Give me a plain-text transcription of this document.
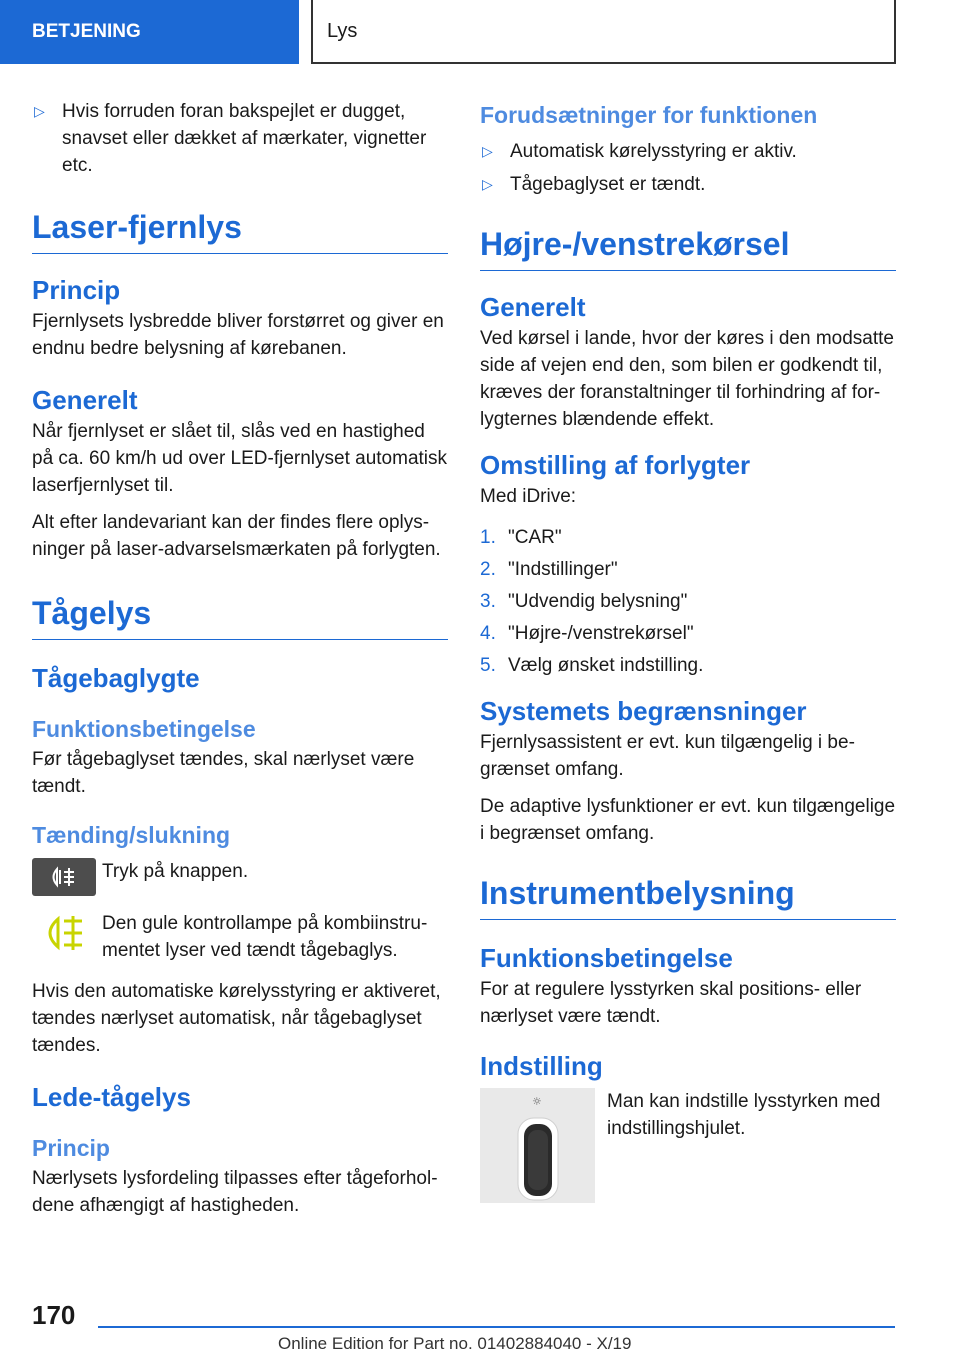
BETJENING	Lys
▷ Hvis forruden foran bakspejlet er dugget, snavset eller dækket af mærkater, vignetter etc.
Laser-fjernlys
Princip

Fjernlysets lysbredde bliver forstørret og giver en endnu bedre belysning af kørebanen.

Generelt

Når fjernlyset er slået til, slås ved en hastighed på ca. 60 km/h ud over LED-fjernlyset automatisk laserfjernlyset til.

Alt efter landevariant kan der findes flere oplysninger på laser-advarselsmærkaten på forlygten.

Tågelys
Tågebaglygte
Funktionsbetingelse

Før tågebaglyset tændes, skal nærlyset være tændt.

Tænding/slukning
Tryk på knappen.
Den gule kontrollampe på kombiinstrumentet lyser ved tændt tågebaglys.

Hvis den automatiske kørelysstyring er aktiveret, tændes nærlyset automatisk, når tågebaglyset tændes.

Lede-tågelys
Princip

Nærlysets lysfordeling tilpasses efter tågeforholdene afhængigt af hastigheden.

Forudsætninger for funktionen
▷ Automatisk kørelysstyring er aktiv.
▷ Tågebaglyset er tændt.
Højre-/venstrekørsel
Generelt

Ved kørsel i lande, hvor der køres i den modsatte side af vejen end den, som bilen er godkendt til, kræves der foranstaltninger til forhindring af forlygternes blændende effekt.

Omstilling af forlygter

Med iDrive:

1. "CAR"
2. "Indstillinger"
3. "Udvendig belysning"
4. "Højre-/venstrekørsel"
5. Vælg ønsket indstilling.
Systemets begrænsninger

Fjernlysassistent er evt. kun tilgængelig i begrænset omfang.

De adaptive lysfunktioner er evt. kun tilgængelige i begrænset omfang.

Instrumentbelysning
Funktionsbetingelse

For at regulere lysstyrken skal positions- eller nærlyset være tændt.

Indstilling
☼	Man kan indstille lysstyrken med indstillingshjulet.
170
Online Edition for Part no. 01402884040 - X/19
